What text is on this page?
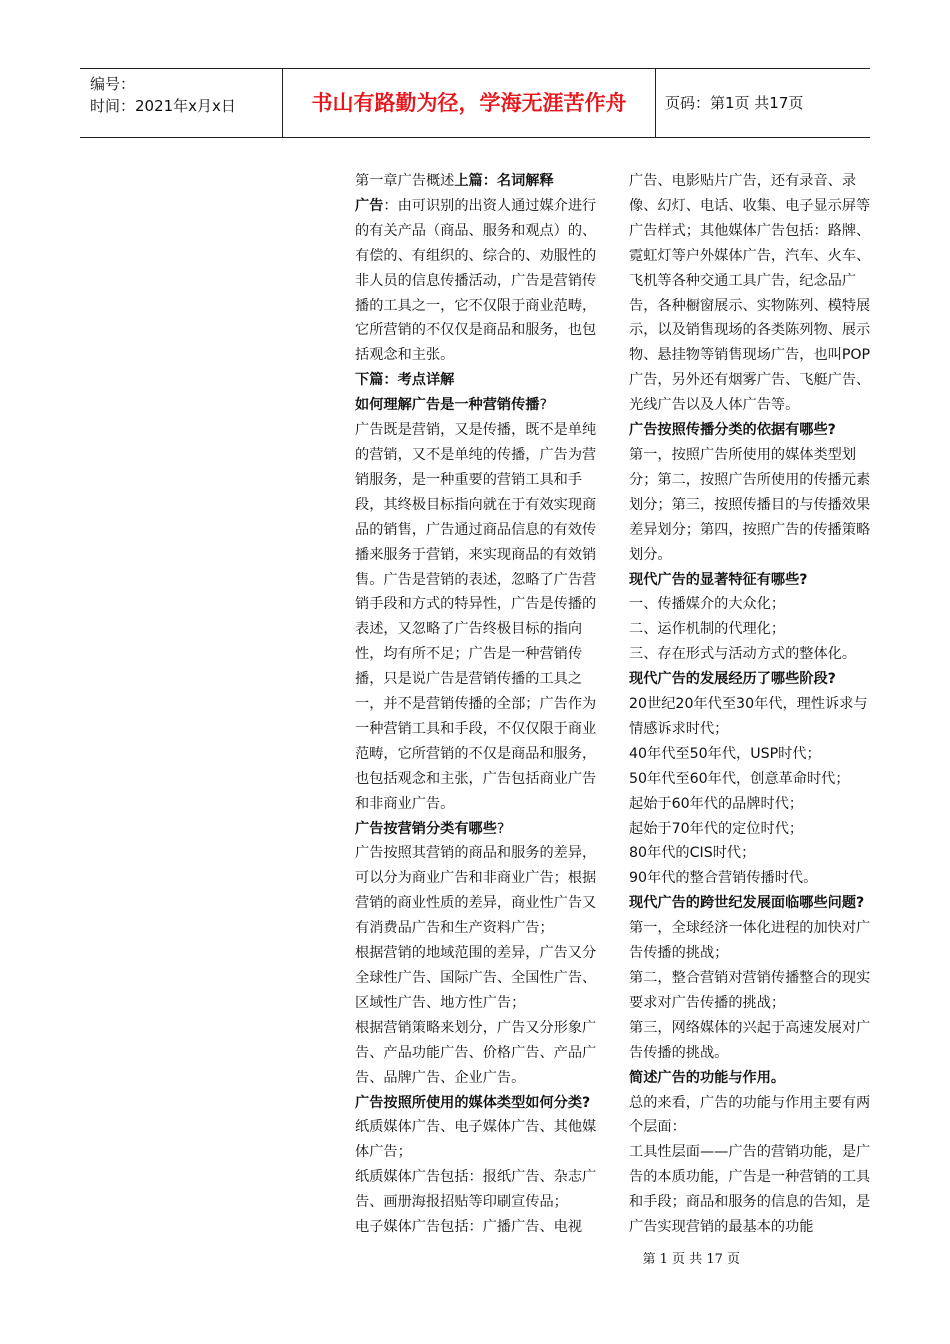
编号：
时间：2021年x月x日	书山有路勤为径，学海无涯苦作舟	页码：第1页 共17页

第一章广告概述上篇：名词解释

广告：由可识别的出资人通过媒介进行的有关产品（商品、服务和观点）的、有偿的、有组织的、综合的、劝服性的非人员的信息传播活动，广告是营销传播的工具之一，它不仅限于商业范畴，它所营销的不仅仅是商品和服务，也包括观念和主张。

下篇：考点详解

如何理解广告是一种营销传播?

广告既是营销，又是传播，既不是单纯的营销，又不是单纯的传播，广告为营销服务，是一种重要的营销工具和手段，其终极目标指向就在于有效实现商品的销售，广告通过商品信息的有效传播来服务于营销，来实现商品的有效销售。广告是营销的表述，忽略了广告营销手段和方式的特异性，广告是传播的表述，又忽略了广告终极目标的指向性，均有所不足；广告是一种营销传播，只是说广告是营销传播的工具之一，并不是营销传播的全部；广告作为一种营销工具和手段，不仅仅限于商业范畴，它所营销的不仅是商品和服务，也包括观念和主张，广告包括商业广告和非商业广告。

广告按营销分类有哪些?

广告按照其营销的商品和服务的差异，可以分为商业广告和非商业广告；根据营销的商业性质的差异，商业性广告又有消费品广告和生产资料广告；

根据营销的地域范围的差异，广告又分全球性广告、国际广告、全国性广告、区域性广告、地方性广告；

根据营销策略来划分，广告又分形象广告、产品功能广告、价格广告、产品广告、品牌广告、企业广告。

广告按照所使用的媒体类型如何分类?

纸质媒体广告、电子媒体广告、其他媒体广告；

纸质媒体广告包括：报纸广告、杂志广告、画册海报招贴等印刷宣传品；

电子媒体广告包括：广播广告、电视

广告、电影贴片广告，还有录音、录像、幻灯、电话、收集、电子显示屏等广告样式；其他媒体广告包括：路牌、霓虹灯等户外媒体广告，汽车、火车、飞机等各种交通工具广告，纪念品广告，各种橱窗展示、实物陈列、模特展示，以及销售现场的各类陈列物、展示物、悬挂物等销售现场广告，也叫POP广告，另外还有烟雾广告、飞艇广告、光线广告以及人体广告等。

广告按照传播分类的依据有哪些?

第一，按照广告所使用的媒体类型划分；第二，按照广告所使用的传播元素划分；第三，按照传播目的与传播效果差异划分；第四，按照广告的传播策略划分。

现代广告的显著特征有哪些?

一、传播媒介的大众化；

二、运作机制的代理化；

三、存在形式与活动方式的整体化。

现代广告的发展经历了哪些阶段?

20世纪20年代至30年代，理性诉求与情感诉求时代；

40年代至50年代，USP时代；

50年代至60年代，创意革命时代；

起始于60年代的品牌时代；

起始于70年代的定位时代；

80年代的CIS时代；

90年代的整合营销传播时代。

现代广告的跨世纪发展面临哪些问题?

第一，全球经济一体化进程的加快对广告传播的挑战；

第二，整合营销对营销传播整合的现实要求对广告传播的挑战；

第三，网络媒体的兴起于高速发展对广告传播的挑战。

简述广告的功能与作用。

总的来看，广告的功能与作用主要有两个层面：

工具性层面——广告的营销功能，是广告的本质功能，广告是一种营销的工具和手段；商品和服务的信息的告知，是广告实现营销的最基本的功能

第 1 页 共 17 页
